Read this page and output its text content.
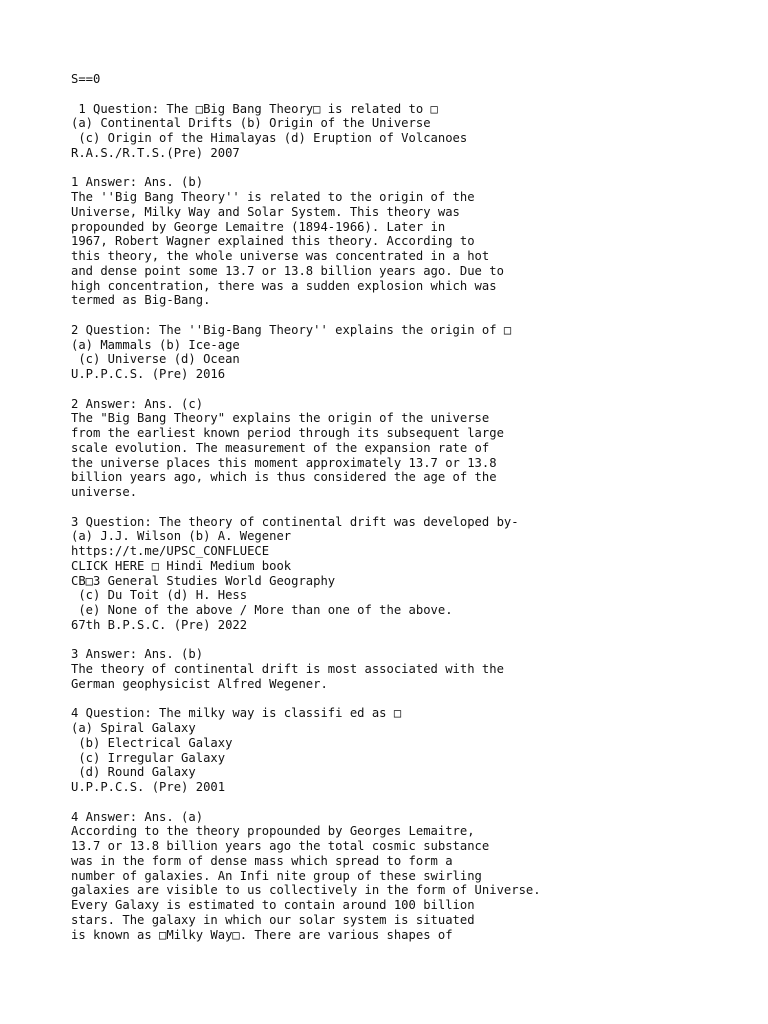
S==0
1 Question: The □Big Bang Theory□ is related to □
(a) Continental Drifts (b) Origin of the Universe
(c) Origin of the Himalayas (d) Eruption of Volcanoes
R.A.S./R.T.S.(Pre) 2007
1 Answer: Ans. (b)
The ''Big Bang Theory'' is related to the origin of the
Universe, Milky Way and Solar System. This theory was
propounded by George Lemaitre (1894-1966). Later in
1967, Robert Wagner explained this theory. According to
this theory, the whole universe was concentrated in a hot
and dense point some 13.7 or 13.8 billion years ago. Due to
high concentration, there was a sudden explosion which was
termed as Big-Bang.
2 Question: The ''Big-Bang Theory'' explains the origin of □
(a) Mammals (b) Ice-age
(c) Universe (d) Ocean
U.P.P.C.S. (Pre) 2016
2 Answer: Ans. (c)
The "Big Bang Theory" explains the origin of the universe
from the earliest known period through its subsequent large
scale evolution. The measurement of the expansion rate of
the universe places this moment approximately 13.7 or 13.8
billion years ago, which is thus considered the age of the
universe.
3 Question: The theory of continental drift was developed by-
(a) J.J. Wilson (b) A. Wegener
https://t.me/UPSC_CONFLUECE
CLICK HERE □ Hindi Medium book
CB□3 General Studies World Geography
(c) Du Toit (d) H. Hess
(e) None of the above / More than one of the above.
67th B.P.S.C. (Pre) 2022
3 Answer: Ans. (b)
The theory of continental drift is most associated with the
German geophysicist Alfred Wegener.
4 Question: The milky way is classifi ed as □
(a) Spiral Galaxy
(b) Electrical Galaxy
(c) Irregular Galaxy
(d) Round Galaxy
U.P.P.C.S. (Pre) 2001
4 Answer: Ans. (a)
According to the theory propounded by Georges Lemaitre,
13.7 or 13.8 billion years ago the total cosmic substance
was in the form of dense mass which spread to form a
number of galaxies. An Infi nite group of these swirling
galaxies are visible to us collectively in the form of Universe.
Every Galaxy is estimated to contain around 100 billion
stars. The galaxy in which our solar system is situated
is known as □Milky Way□. There are various shapes of
